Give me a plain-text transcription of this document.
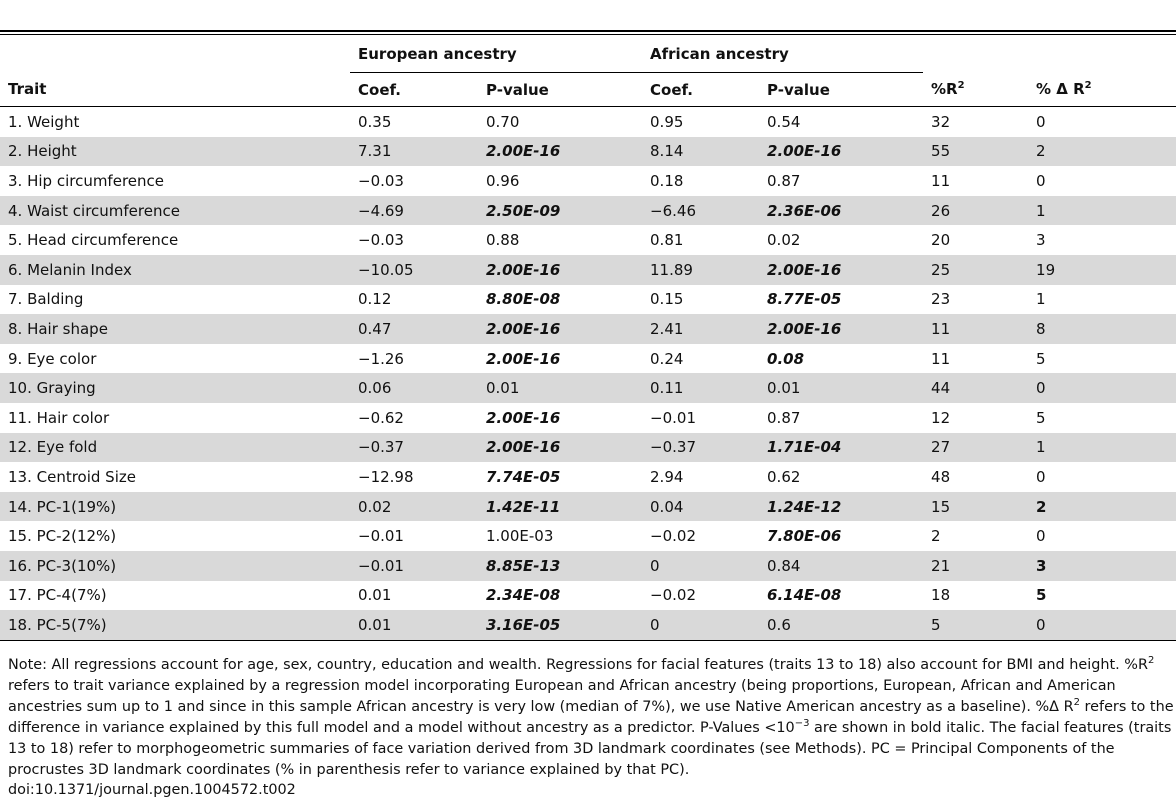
	European ancestry		African ancestry			
Trait	Coef.	P-value	Coef.	P-value	$\%R^2$	% Δ $R^2$
1. Weight	0.35	0.70	0.95	0.54	32	0
2. Height	7.31	2.00E-16	8.14	2.00E-16	55	2
3. Hip circumference	−0.03	0.96	0.18	0.87	11	0
4. Waist circumference	−4.69	2.50E-09	−6.46	2.36E-06	26	1
5. Head circumference	−0.03	0.88	0.81	0.02	20	3
6. Melanin Index	−10.05	2.00E-16	11.89	2.00E-16	25	19
7. Balding	0.12	8.80E-08	0.15	8.77E-05	23	1
8. Hair shape	0.47	2.00E-16	2.41	2.00E-16	11	8
9. Eye color	−1.26	2.00E-16	0.24	0.08	11	5
10. Graying	0.06	0.01	0.11	0.01	44	0
11. Hair color	−0.62	2.00E-16	−0.01	0.87	12	5
12. Eye fold	−0.37	2.00E-16	−0.37	1.71E-04	27	1
13. Centroid Size	−12.98	7.74E-05	2.94	0.62	48	0
14. PC-1(19%)	0.02	1.42E-11	0.04	1.24E-12	15	2
15. PC-2(12%)	−0.01	1.00E-03	−0.02	7.80E-06	2	0
16. PC-3(10%)	−0.01	8.85E-13	0	0.84	21	3
17. PC-4(7%)	0.01	2.34E-08	−0.02	6.14E-08	18	5
18. PC-5(7%)	0.01	3.16E-05	0	0.6	5	0
Note: All regressions account for age, sex, country, education and wealth. Regressions for facial features (traits 13 to 18) also account for BMI and height. $\%R^2$ refers to trait variance explained by a regression model incorporating European and African ancestry (being proportions, European, African and American ancestries sum up to 1 and since in this sample African ancestry is very low (median of 7%), we use Native American ancestry as a baseline). %Δ $R^2$ refers to the difference in variance explained by this full model and a model without ancestry as a predictor. P-Values $<10^{-3}$ are shown in bold italic. The facial features (traits 13 to 18) refer to morphogeometric summaries of face variation derived from 3D landmark coordinates (see Methods). PC = Principal Components of the procrustes 3D landmark coordinates (% in parenthesis refer to variance explained by that PC).
doi:10.1371/journal.pgen.1004572.t002
